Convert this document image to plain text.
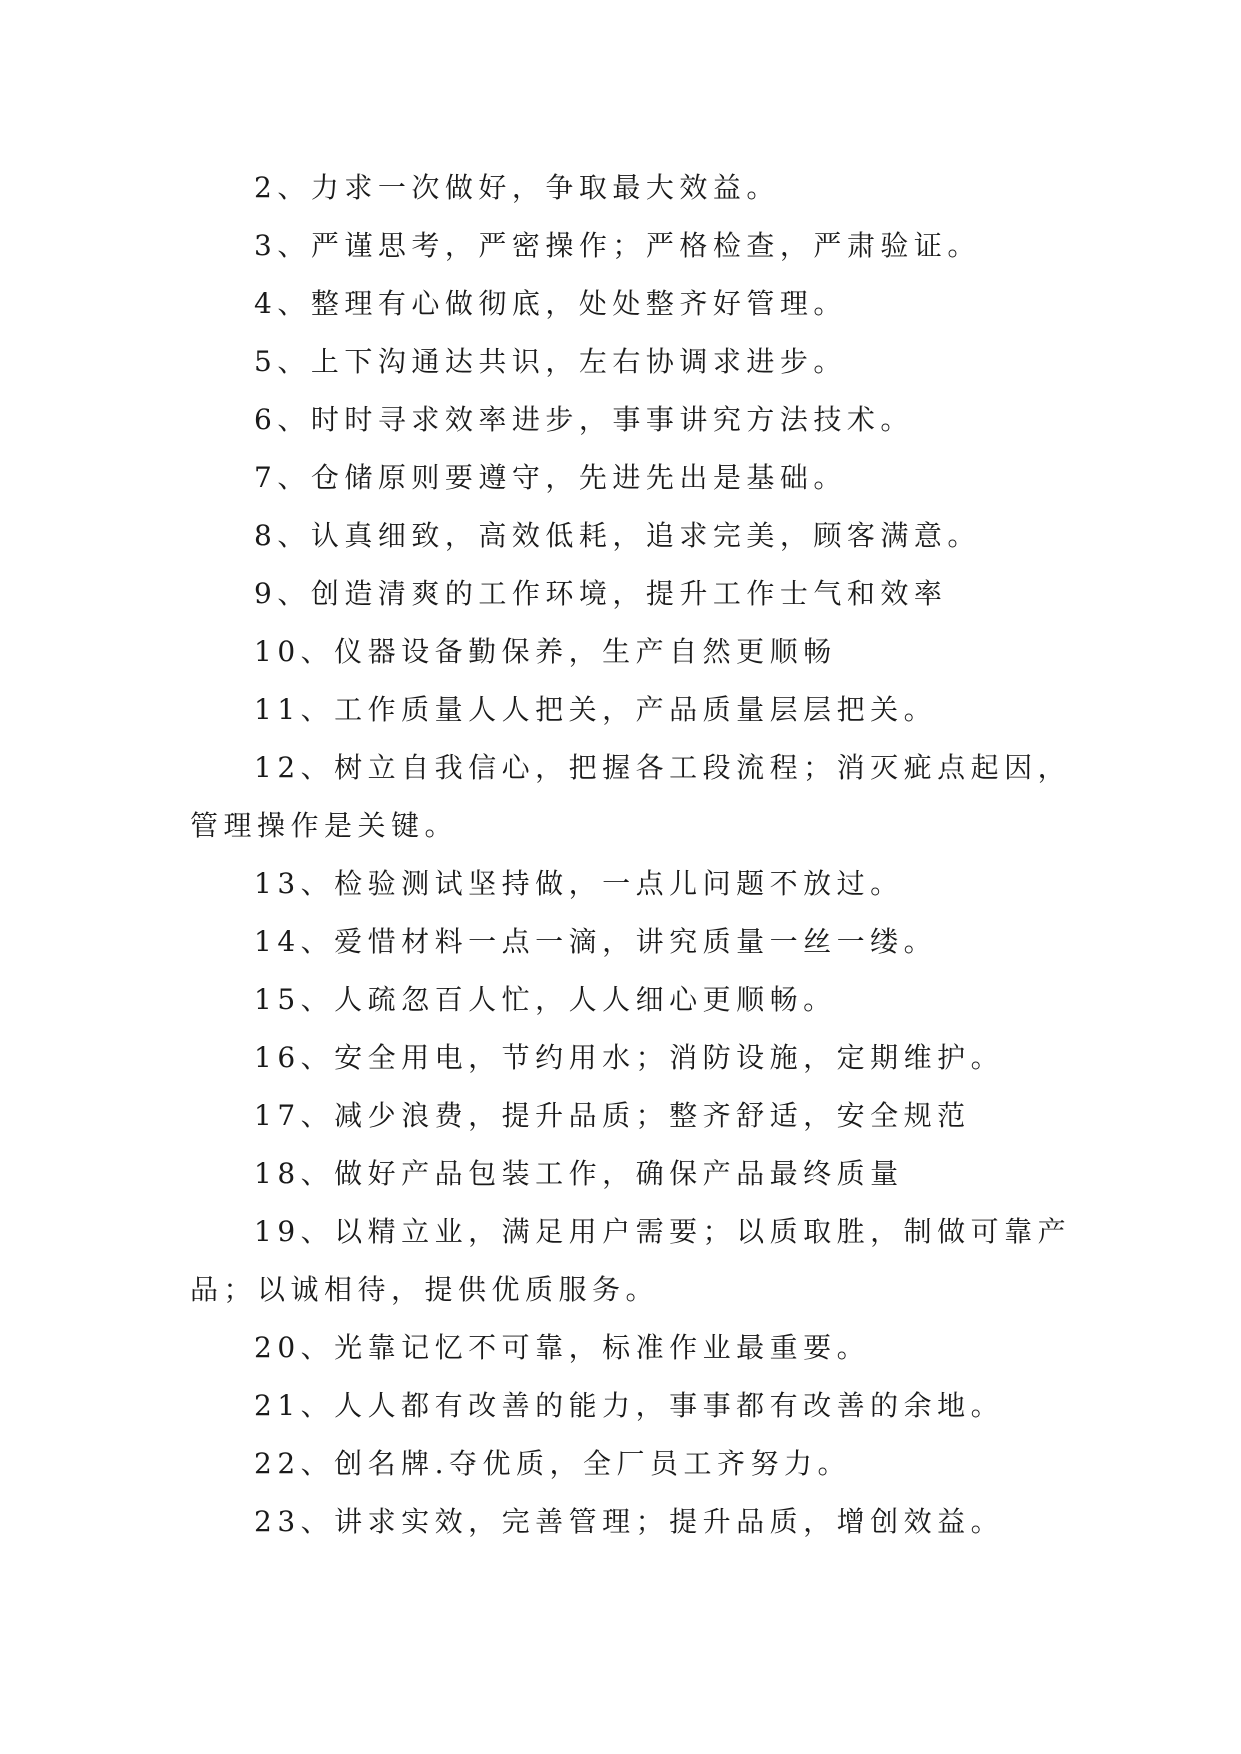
2、力求一次做好，争取最大效益。
3、严谨思考，严密操作；严格检查，严肃验证。
4、整理有心做彻底，处处整齐好管理。
5、上下沟通达共识，左右协调求进步。
6、时时寻求效率进步，事事讲究方法技术。
7、仓储原则要遵守，先进先出是基础。
8、认真细致，高效低耗，追求完美，顾客满意。
9、创造清爽的工作环境，提升工作士气和效率
10、仪器设备勤保养，生产自然更顺畅
11、工作质量人人把关，产品质量层层把关。
12、树立自我信心，把握各工段流程；消灭疵点起因，
管理操作是关键。
13、检验测试坚持做，一点儿问题不放过。
14、爱惜材料一点一滴，讲究质量一丝一缕。
15、人疏忽百人忙，人人细心更顺畅。
16、安全用电，节约用水；消防设施，定期维护。
17、减少浪费，提升品质；整齐舒适，安全规范
18、做好产品包装工作，确保产品最终质量
19、以精立业，满足用户需要；以质取胜，制做可靠产
品；以诚相待，提供优质服务。
20、光靠记忆不可靠，标准作业最重要。
21、人人都有改善的能力，事事都有改善的余地。
22、创名牌.夺优质，全厂员工齐努力。
23、讲求实效，完善管理；提升品质，增创效益。
